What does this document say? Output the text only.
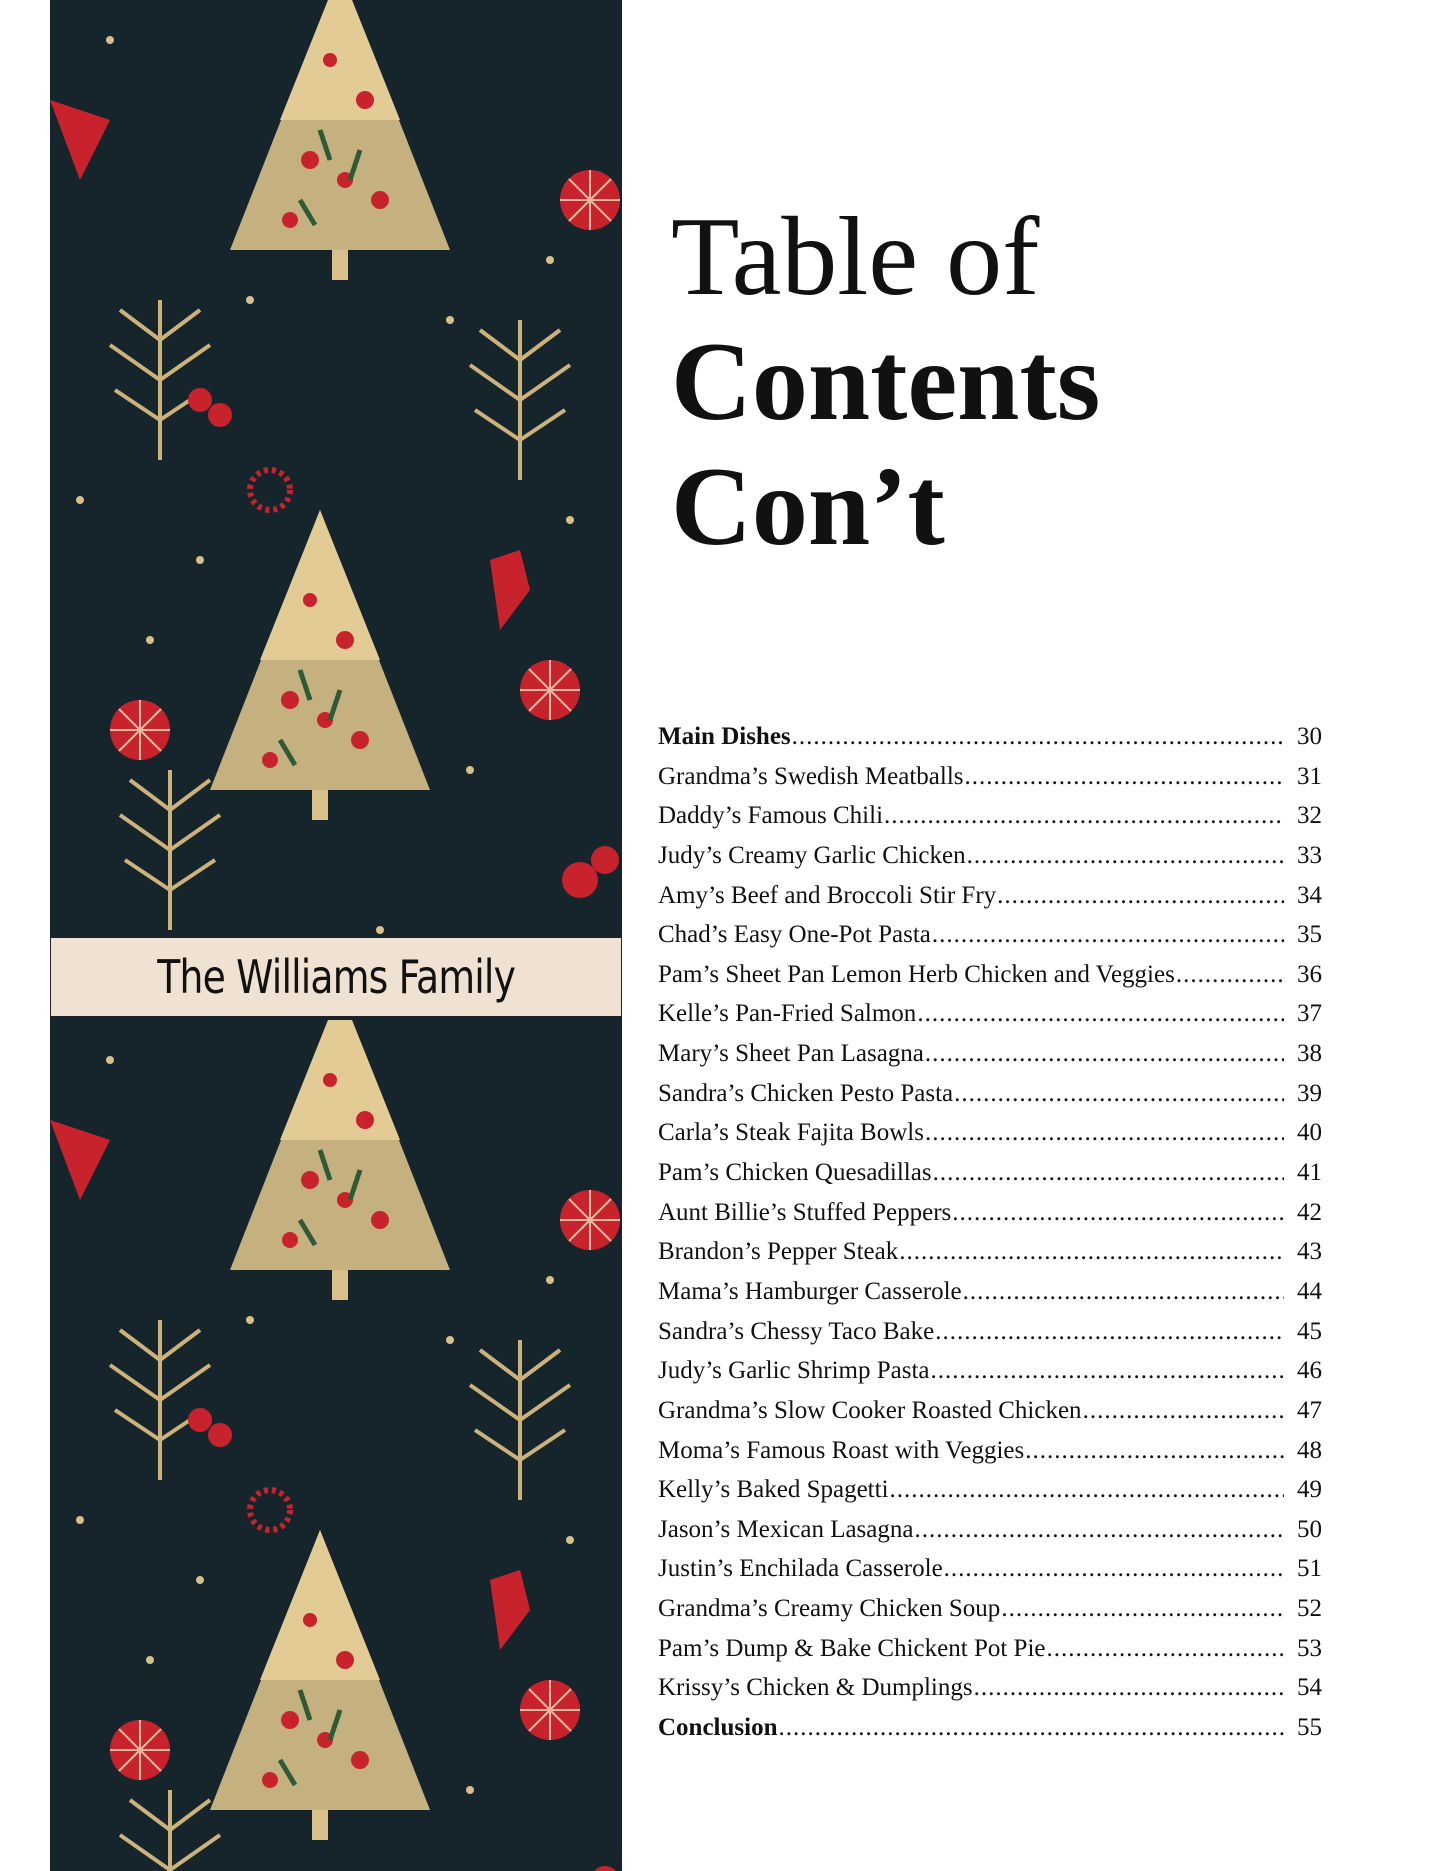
The Williams Family
Table of
Contents
Con’t
Main Dishes .....	30
Grandma’s Swedish Meatballs .....	31
Daddy’s Famous Chili .....	32
Judy’s Creamy Garlic Chicken .....	33
Amy’s Beef and Broccoli Stir Fry .....	34
Chad’s Easy One-Pot Pasta .....	35
Pam’s Sheet Pan Lemon Herb Chicken and Veggies .....	36
Kelle’s Pan-Fried Salmon .....	37
Mary’s Sheet Pan Lasagna .....	38
Sandra’s Chicken Pesto Pasta .....	39
Carla’s Steak Fajita Bowls .....	40
Pam’s Chicken Quesadillas .....	41
Aunt Billie’s Stuffed Peppers .....	42
Brandon’s Pepper Steak .....	43
Mama’s Hamburger Casserole .....	44
Sandra’s Chessy Taco Bake .....	45
Judy’s Garlic Shrimp Pasta .....	46
Grandma’s Slow Cooker Roasted Chicken .....	47
Moma’s Famous Roast with Veggies .....	48
Kelly’s Baked Spagetti .....	49
Jason’s Mexican Lasagna .....	50
Justin’s Enchilada Casserole .....	51
Grandma’s Creamy Chicken Soup .....	52
Pam’s Dump & Bake Chickent Pot Pie .....	53
Krissy’s Chicken & Dumplings .....	54
Conclusion .....	55
